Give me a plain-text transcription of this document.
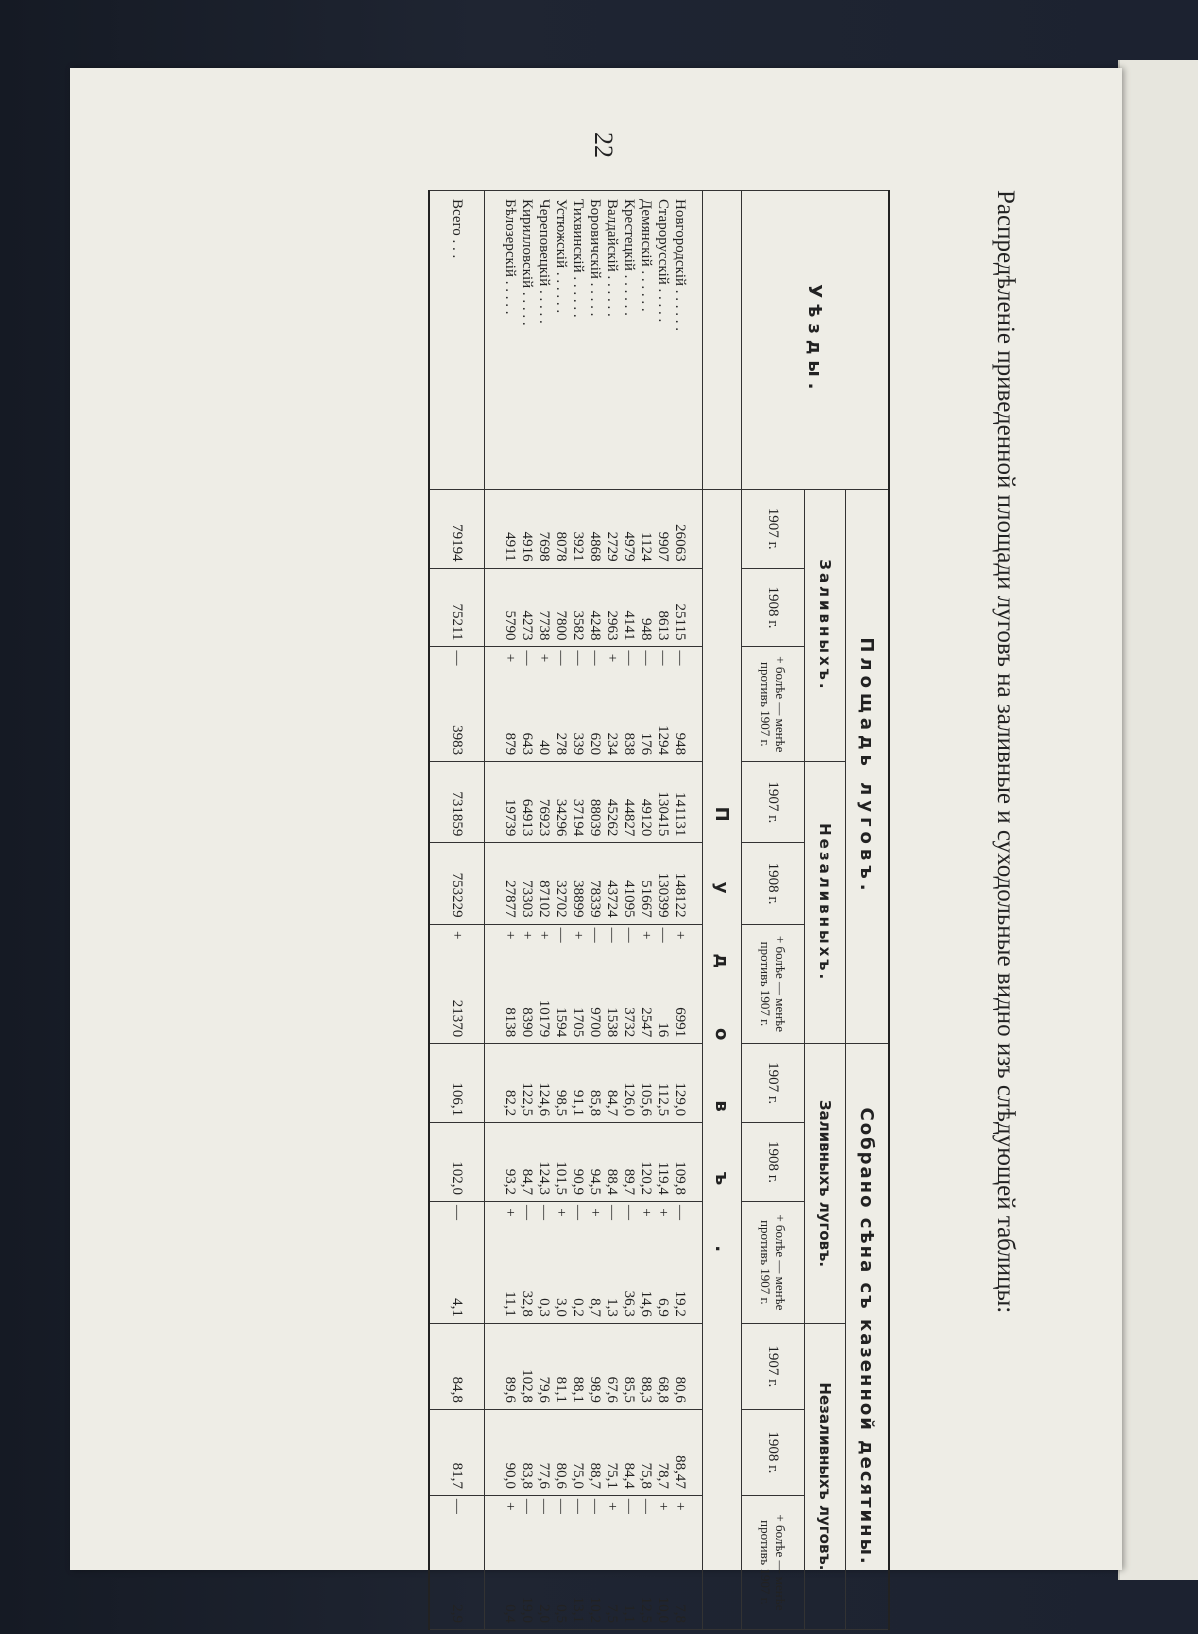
Распредѣленіе приведенной площади луговъ на заливные и суходольные видно изъ слѣдующей таблицы:
Уѣзды.	Площадь луговъ.								Собрано сѣна съ казенной десятины.							
	Заливныхъ.				Незаливныхъ.				Заливныхъ луговъ.				Незаливныхъ луговъ.			
	1907 г.	1908 г.	+ болѣе — менѣе противъ 1907 г.		1907 г.	1908 г.	+ болѣе — менѣе противъ 1907 г.		1907 г.	1908 г.	+ болѣе — менѣе противъ 1907 г.		1907 г.	1908 г.	+ болѣе — менѣе противъ 1907 г.	
	Пудовъ.															
Новгородскій . . . . . .	26063	25115	—	948	141131	148122	+	6991	129,0	109,8	—	19,2	80,6	88,47	+	7,8
Старорусскій . . . . .	9907	8613	—	1294	130415	130399	—	16	112,5	119,4	+	6,9	68,8	78,7	+	10,0
Демянскій . . . . . .	1124	948	—	176	49120	51667	+	2547	105,6	120,2	+	14,6	88,3	75,8	—	12,5
Крестецкій . . . . . .	4979	4141	—	838	44827	41095	—	3732	126,0	89,7	—	36,3	85,5	84,4	—	1,1
Валдайскій . . . . . .	2729	2963	+	234	45262	43724	—	1538	84,7	88,4	—	1,3	67,6	75,1	+	7,5
Боровичскій . . . . .	4868	4248	—	620	88039	78339	—	9700	85,8	94,5	+	8,7	98,9	88,7	—	10,2
Тихвинскій . . . . . .	3921	3582	—	339	37194	38899	+	1705	91,1	90,9	—	0,2	88,1	75,0	—	13,1
Устюжскій . . . . . .	8078	7800	—	278	34296	32702	—	1594	98,5	101,5	+	3,0	81,1	80,6	—	0,5
Череповецкій . . . . .	7698	7738	+	40	76923	87102	+	10179	124,6	124,3	—	0,3	79,6	77,6	—	2,0
Кирилловскій . . . . .	4916	4273	—	643	64913	73303	+	8390	122,5	84,7	—	32,8	102,8	83,8	—	19,0
Бѣлозерскій . . . . .	4911	5790	+	879	19739	27877	+	8138	82,2	93,2	+	11,1	89,6	90,0	+	0,4
Всего . . .	79194	75211	—	3983	731859	753229	+	21370	106,1	102,0	—	4,1	84,8	81,7	—	2,9
22
